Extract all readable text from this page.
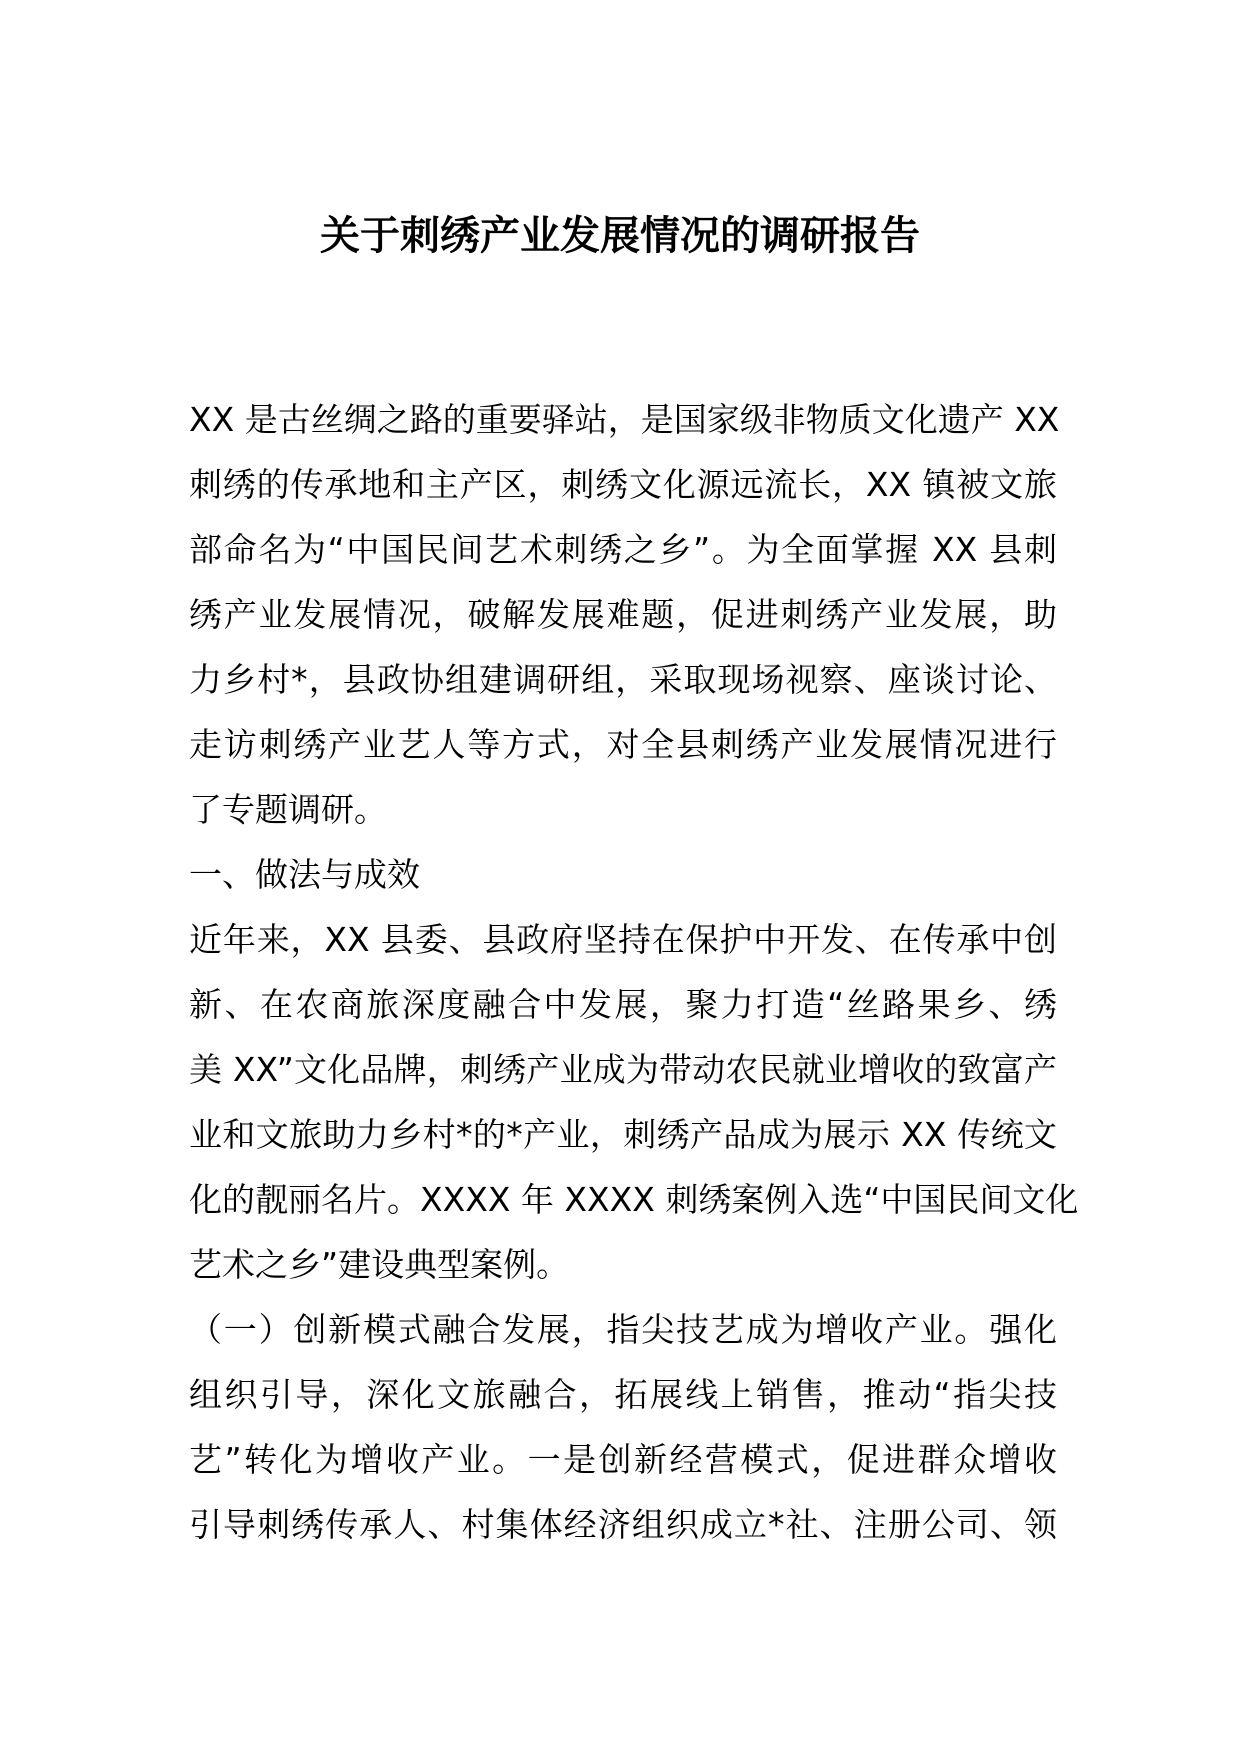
关于刺绣产业发展情况的调研报告
XX 是古丝绸之路的重要驿站，是国家级非物质文化遗产 XX
刺绣的传承地和主产区，刺绣文化源远流长，XX 镇被文旅
部命名为“中国民间艺术刺绣之乡”。为全面掌握 XX 县刺
绣产业发展情况，破解发展难题，促进刺绣产业发展，助
力乡村*，县政协组建调研组，采取现场视察、座谈讨论、
走访刺绣产业艺人等方式，对全县刺绣产业发展情况进行
了专题调研。
一、做法与成效
近年来，XX 县委、县政府坚持在保护中开发、在传承中创
新、在农商旅深度融合中发展，聚力打造“丝路果乡、绣
美 XX”文化品牌，刺绣产业成为带动农民就业增收的致富产
业和文旅助力乡村*的*产业，刺绣产品成为展示 XX 传统文
化的靓丽名片。XXXX 年 XXXX 刺绣案例入选“中国民间文化
艺术之乡”建设典型案例。
（一）创新模式融合发展，指尖技艺成为增收产业。强化
组织引导，深化文旅融合，拓展线上销售，推动“指尖技
艺”转化为增收产业。一是创新经营模式，促进群众增收
引导刺绣传承人、村集体经济组织成立*社、注册公司、领
